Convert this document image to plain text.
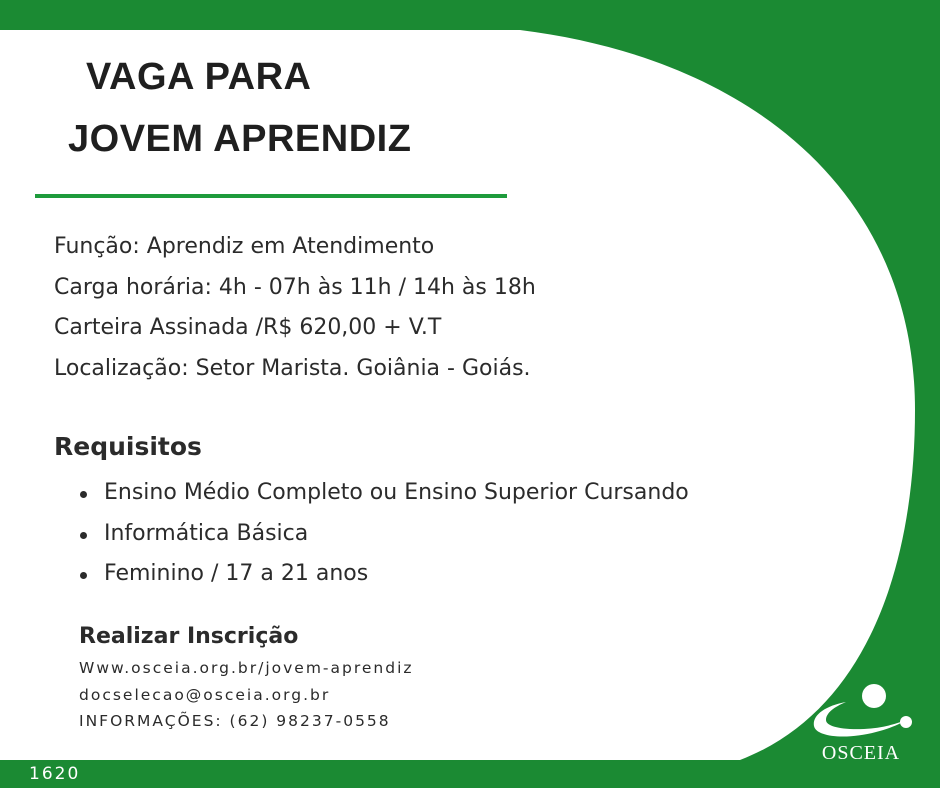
VAGA PARA
JOVEM APRENDIZ
Função: Aprendiz em Atendimento
Carga horária: 4h - 07h às 11h / 14h às 18h
Carteira Assinada /R$ 620,00 + V.T
Localização: Setor Marista. Goiânia - Goiás.
Requisitos
Ensino Médio Completo ou Ensino Superior Cursando
Informática Básica
Feminino / 17 a 21 anos
Realizar Inscrição

Www.osceia.org.br/jovem-aprendiz

docselecao@osceia.org.br

INFORMAÇÕES: (62) 98237-0558

1620

OSCEIA
